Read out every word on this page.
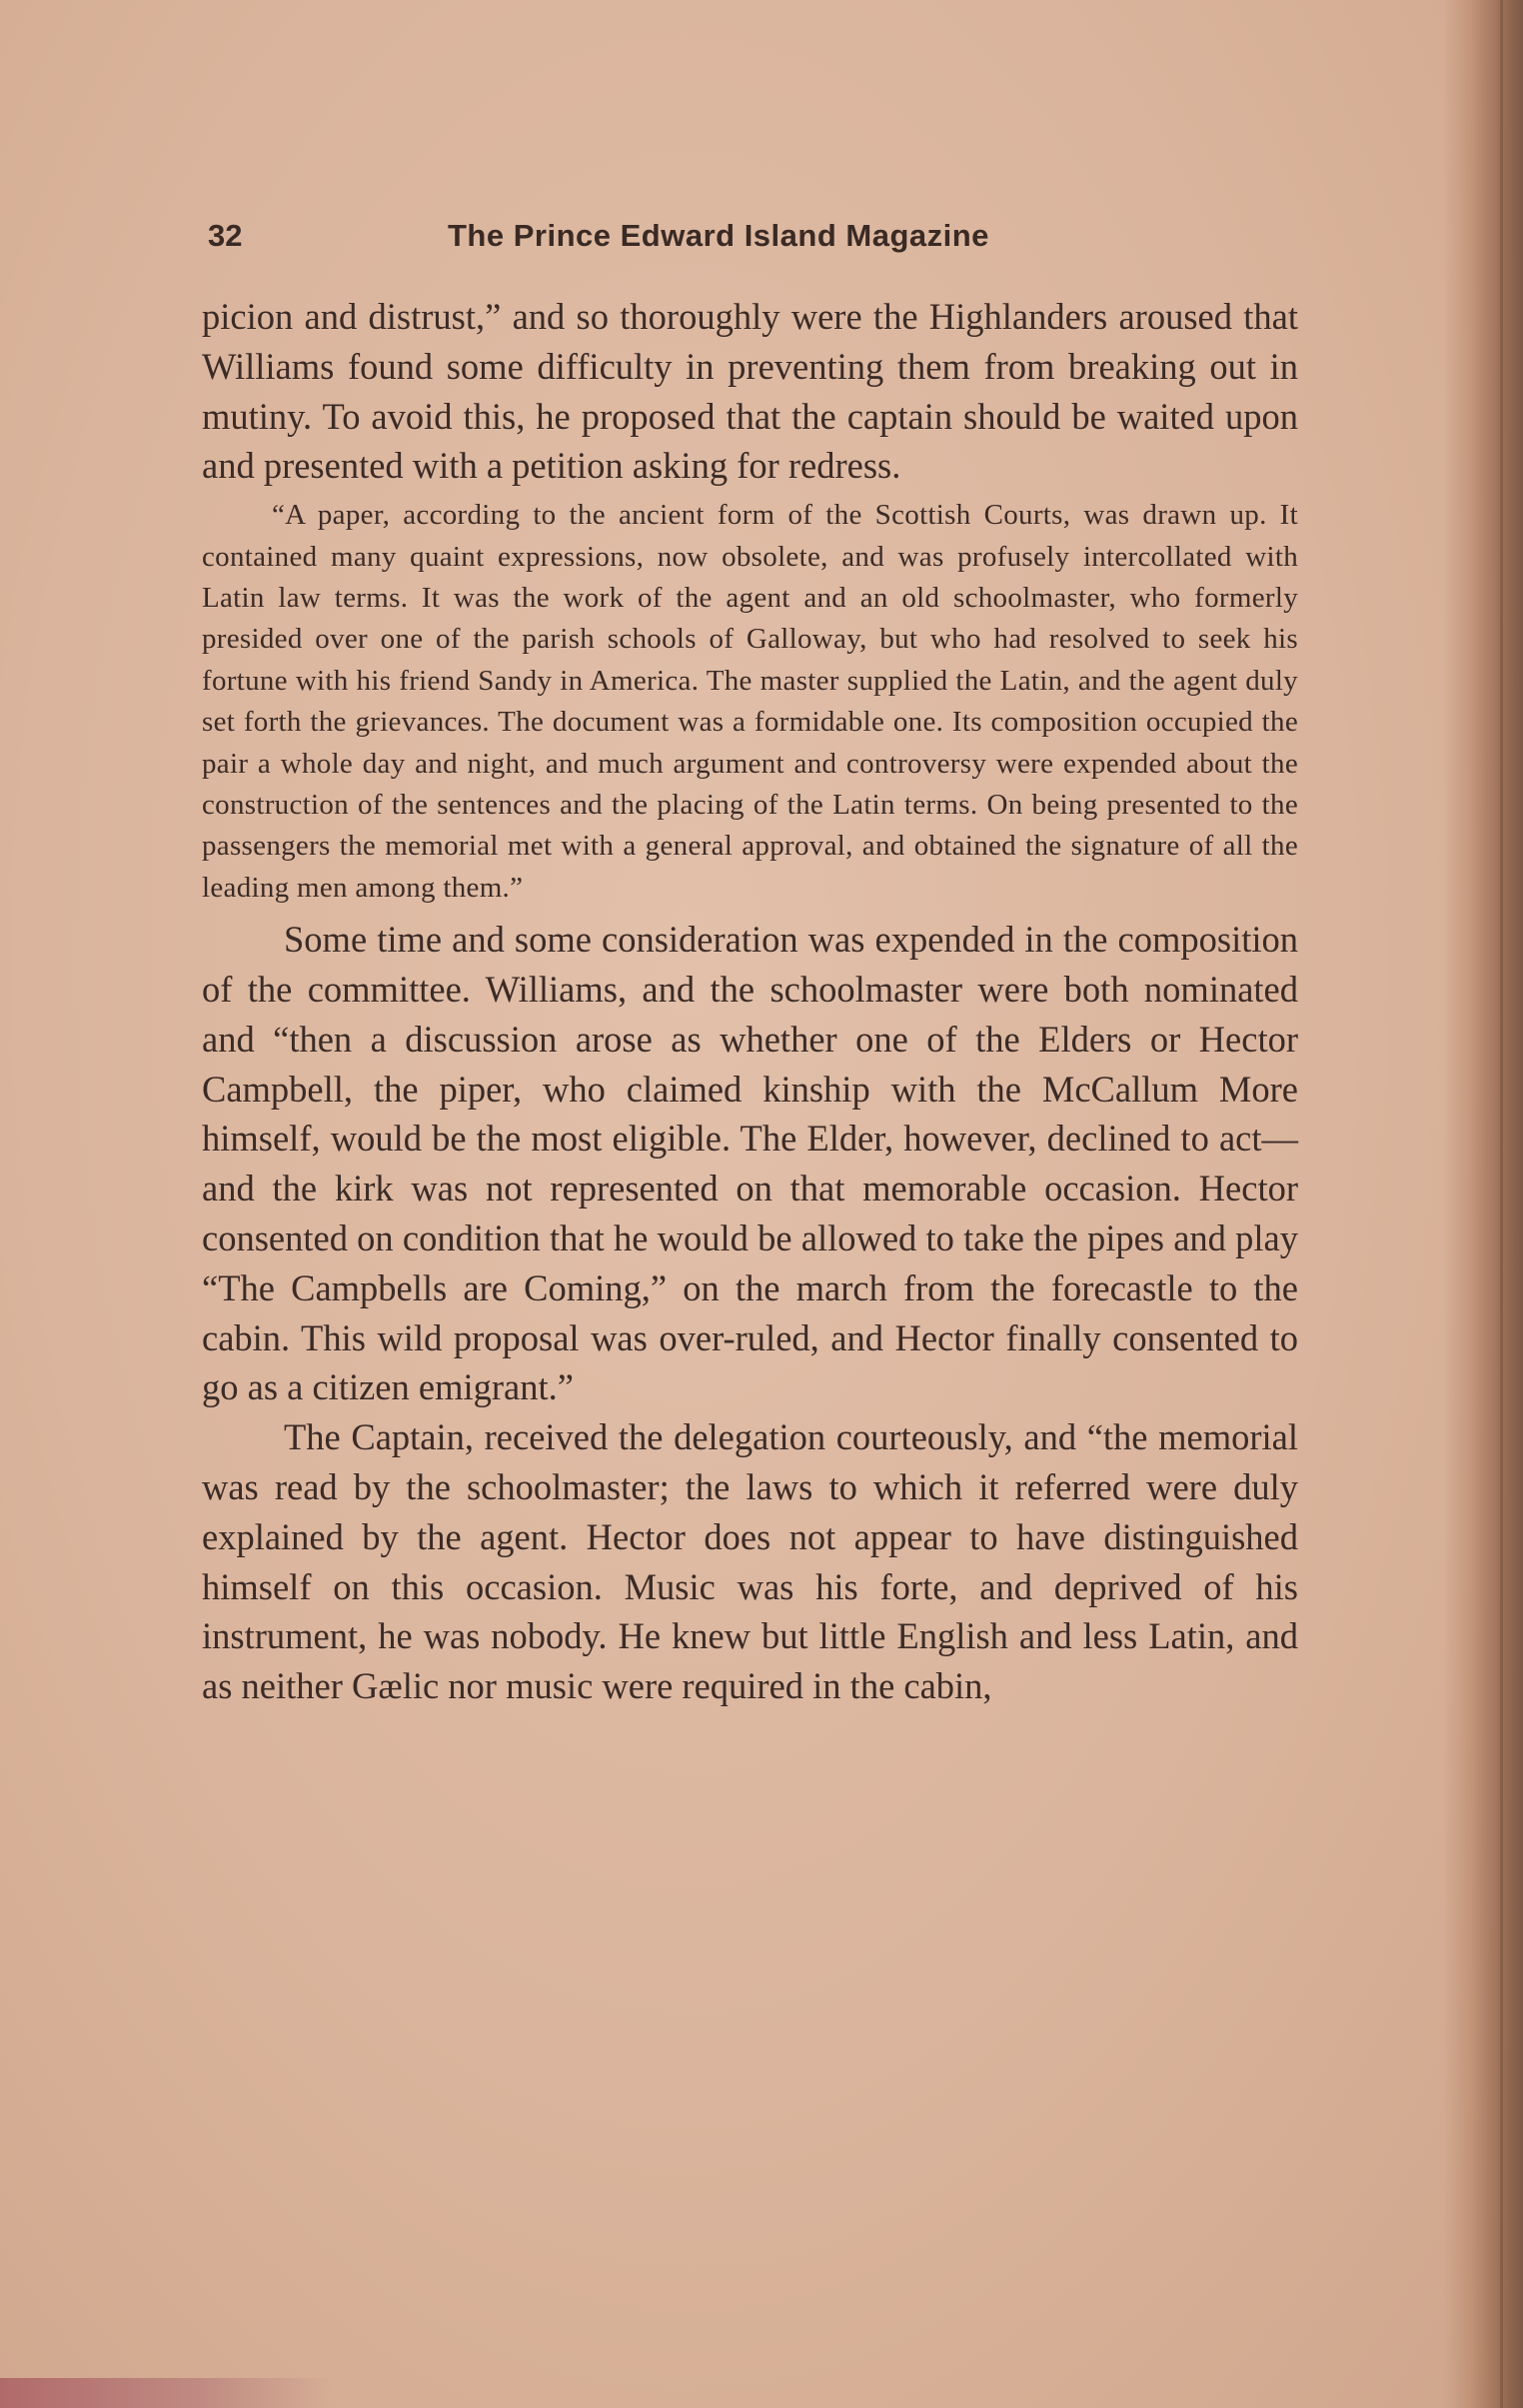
32	The Prince Edward Island Magazine

picion and distrust,” and so thoroughly were the Highlanders aroused that Williams found some difficulty in preventing them from breaking out in mutiny. To avoid this, he proposed that the captain should be waited upon and presented with a petition asking for redress.

“A paper, according to the ancient form of the Scottish Courts, was drawn up. It contained many quaint expressions, now obsolete, and was profusely intercollated with Latin law terms. It was the work of the agent and an old schoolmaster, who formerly presided over one of the parish schools of Galloway, but who had resolved to seek his fortune with his friend Sandy in America. The master supplied the Latin, and the agent duly set forth the grievances. The document was a formidable one. Its composition occupied the pair a whole day and night, and much argument and controversy were expended about the construction of the sentences and the placing of the Latin terms. On being presented to the passengers the memorial met with a general approval, and obtained the signature of all the leading men among them.”

Some time and some consideration was expended in the composition of the committee. Williams, and the schoolmaster were both nominated and “then a discussion arose as whether one of the Elders or Hector Campbell, the piper, who claimed kinship with the McCallum More himself, would be the most eligible. The Elder, however, declined to act—and the kirk was not represented on that memorable occasion. Hector consented on condition that he would be allowed to take the pipes and play “The Campbells are Coming,” on the march from the forecastle to the cabin. This wild proposal was over-ruled, and Hector finally consented to go as a citizen emigrant.”

The Captain, received the delegation courteously, and “the memorial was read by the schoolmaster; the laws to which it referred were duly explained by the agent. Hector does not appear to have distinguished himself on this occasion. Music was his forte, and deprived of his instrument, he was nobody. He knew but little English and less Latin, and as neither Gælic nor music were required in the cabin,
